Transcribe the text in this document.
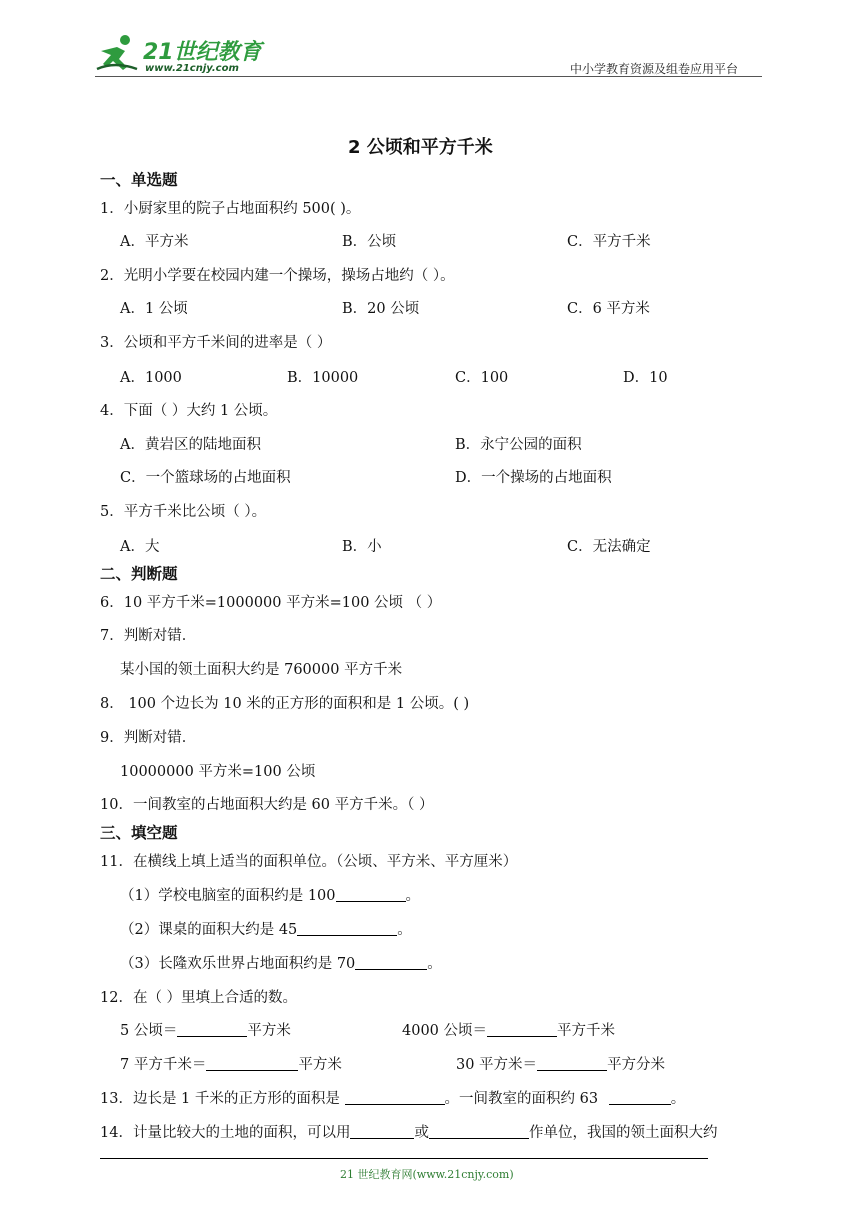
21世纪教育
www.21cnjy.com	中小学教育资源及组卷应用平台
2 公顷和平方千米
一、单选题
1．小厨家里的院子占地面积约 500( )。
A．平方米	B．公顷	C．平方千米
2．光明小学要在校园内建一个操场，操场占地约（ ）。
A．1 公顷	B．20 公顷	C．6 平方米
3．公顷和平方千米间的进率是（ ）
A．1000	B．10000	C．100	D．10
4．下面（ ）大约 1 公顷。
A．黄岩区的陆地面积	B．永宁公园的面积
C．一个篮球场的占地面积	D．一个操场的占地面积
5．平方千米比公顷（ ）。
A．大	B．小	C．无法确定
二、判断题
6．10 平方千米=1000000 平方米=100 公顷 （ ）
7．判断对错．
某小国的领土面积大约是 760000 平方千米
8． 100 个边长为 10 米的正方形的面积和是 1 公顷。( )
9．判断对错．
10000000 平方米=100 公顷
10．一间教室的占地面积大约是 60 平方千米。（ ）
三、填空题
11．在横线上填上适当的面积单位。（公顷、平方米、平方厘米）
（1）学校电脑室的面积约是 100	。
（2）课桌的面积大约是 45	。
（3）长隆欢乐世界占地面积约是 70	。
12．在（ ）里填上合适的数。
5 公顷＝	平方米	4000 公顷＝	平方千米
7 平方千米＝	平方米	30 平方米＝	平方分米
13．边长是 1 千米的正方形的面积是	。一间教室的面积约 63	。
14．计量比较大的土地的面积，可以用	或	作单位，我国的领土面积大约
21 世纪教育网(www.21cnjy.com)
